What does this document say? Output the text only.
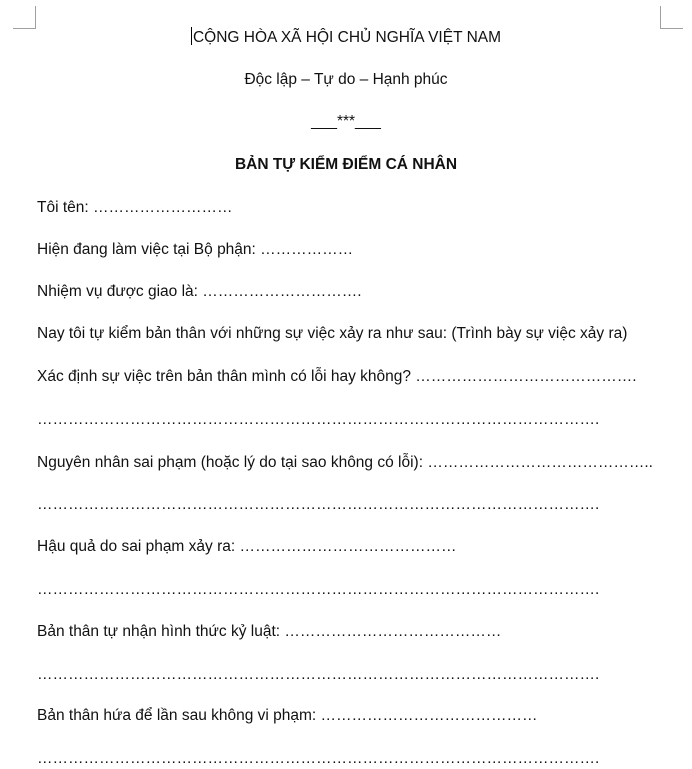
CỘNG HÒA XÃ HỘI CHỦ NGHĨA VIỆT NAM
Độc lập – Tự do – Hạnh phúc
___***___
BẢN TỰ KIỂM ĐIỂM CÁ NHÂN
Tôi tên: ………………………
Hiện đang làm việc tại Bộ phận: ………………
Nhiệm vụ được giao là: ………………………….
Nay tôi tự kiểm bản thân với những sự việc xảy ra như sau: (Trình bày sự việc xảy ra)
Xác định sự việc trên bản thân mình có lỗi hay không? …………………………………….
……………………………………………………………………………………………….
Nguyên nhân sai phạm (hoặc lý do tại sao không có lỗi): ……………………………………..
……………………………………………………………………………………………….
Hậu quả do sai phạm xảy ra: ……………………………………
……………………………………………………………………………………………….
Bản thân tự nhận hình thức kỷ luật: ……………………………………
……………………………………………………………………………………………….
Bản thân hứa để lần sau không vi phạm: ……………………………………
……………………………………………………………………………………………….
